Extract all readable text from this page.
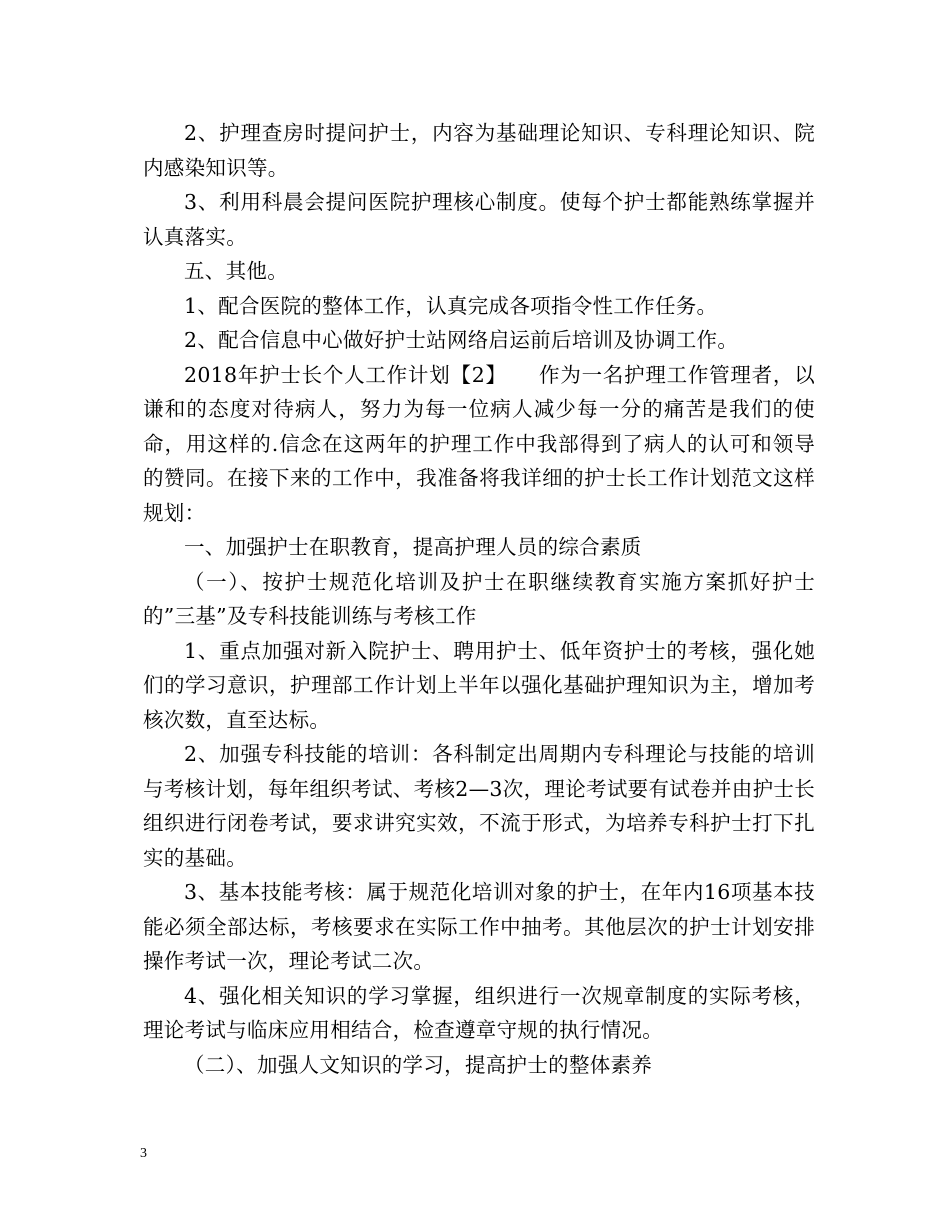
2、护理查房时提问护士，内容为基础理论知识、专科理论知识、院内感染知识等。

3、利用科晨会提问医院护理核心制度。使每个护士都能熟练掌握并认真落实。

五、其他。

1、配合医院的整体工作，认真完成各项指令性工作任务。

2、配合信息中心做好护士站网络启运前后培训及协调工作。

2018年护士长个人工作计划【2】　　作为一名护理工作管理者，以谦和的态度对待病人，努力为每一位病人减少每一分的痛苦是我们的使命，用这样的.信念在这两年的护理工作中我部得到了病人的认可和领导的赞同。在接下来的工作中，我准备将我详细的护士长工作计划范文这样规划：

一、加强护士在职教育，提高护理人员的综合素质

（一）、按护士规范化培训及护士在职继续教育实施方案抓好护士的”三基”及专科技能训练与考核工作

1、重点加强对新入院护士、聘用护士、低年资护士的考核，强化她们的学习意识，护理部工作计划上半年以强化基础护理知识为主，增加考核次数，直至达标。

2、加强专科技能的培训：各科制定出周期内专科理论与技能的培训与考核计划，每年组织考试、考核2—3次，理论考试要有试卷并由护士长组织进行闭卷考试，要求讲究实效，不流于形式，为培养专科护士打下扎实的基础。

3、基本技能考核：属于规范化培训对象的护士，在年内16项基本技能必须全部达标，考核要求在实际工作中抽考。其他层次的护士计划安排操作考试一次，理论考试二次。

4、强化相关知识的学习掌握，组织进行一次规章制度的实际考核，理论考试与临床应用相结合，检查遵章守规的执行情况。

（二）、加强人文知识的学习，提高护士的整体素养

3
